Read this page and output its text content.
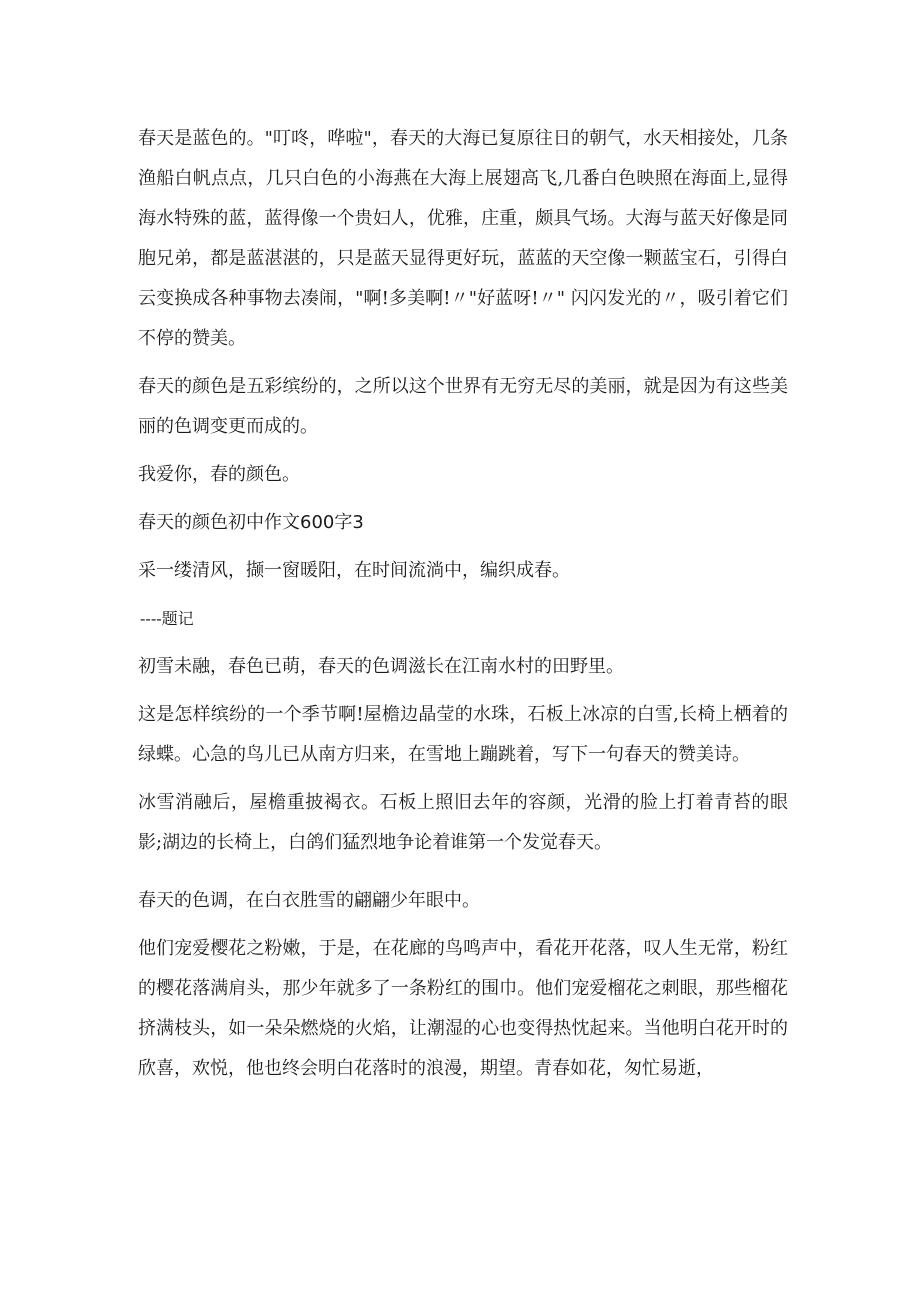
春天是蓝色的。"叮咚，哗啦"，春天的大海已复原往日的朝气，水天相接处，几条渔船白帆点点，几只白色的小海燕在大海上展翅高飞,几番白色映照在海面上,显得海水特殊的蓝，蓝得像一个贵妇人，优雅，庄重，颇具气场。大海与蓝天好像是同胞兄弟，都是蓝湛湛的，只是蓝天显得更好玩，蓝蓝的天空像一颗蓝宝石，引得白云变换成各种事物去凑闹，"啊!多美啊!〃"好蓝呀!〃" 闪闪发光的〃，吸引着它们不停的赞美。

春天的颜色是五彩缤纷的，之所以这个世界有无穷无尽的美丽，就是因为有这些美丽的色调变更而成的。

我爱你，春的颜色。

春天的颜色初中作文600字3

采一缕清风，撷一窗暖阳，在时间流淌中，编织成春。

----题记

初雪未融，春色已萌，春天的色调滋长在江南水村的田野里。

这是怎样缤纷的一个季节啊!屋檐边晶莹的水珠，石板上冰凉的白雪,长椅上栖着的绿蝶。心急的鸟儿已从南方归来，在雪地上蹦跳着，写下一句春天的赞美诗。

冰雪消融后，屋檐重披褐衣。石板上照旧去年的容颜，光滑的脸上打着青苔的眼影;湖边的长椅上，白鸽们猛烈地争论着谁第一个发觉春天。

春天的色调，在白衣胜雪的翩翩少年眼中。

他们宠爱樱花之粉嫩，于是，在花廊的鸟鸣声中，看花开花落，叹人生无常，粉红的樱花落满肩头，那少年就多了一条粉红的围巾。他们宠爱榴花之刺眼，那些榴花挤满枝头，如一朵朵燃烧的火焰，让潮湿的心也变得热忱起来。当他明白花开时的欣喜，欢悦，他也终会明白花落时的浪漫，期望。青春如花，匆忙易逝，
